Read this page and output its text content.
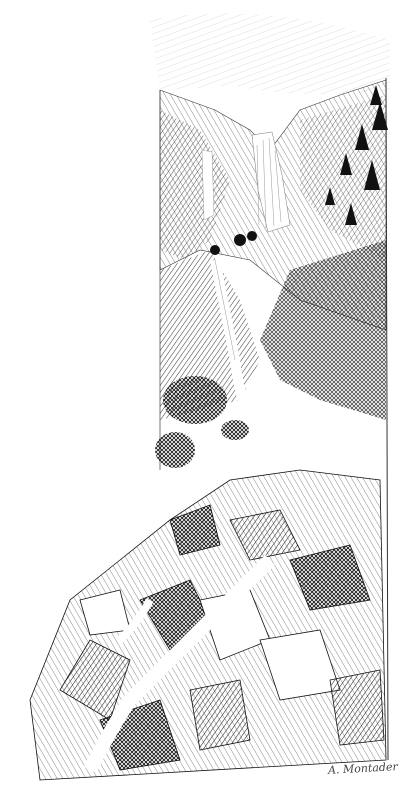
A. Montader
